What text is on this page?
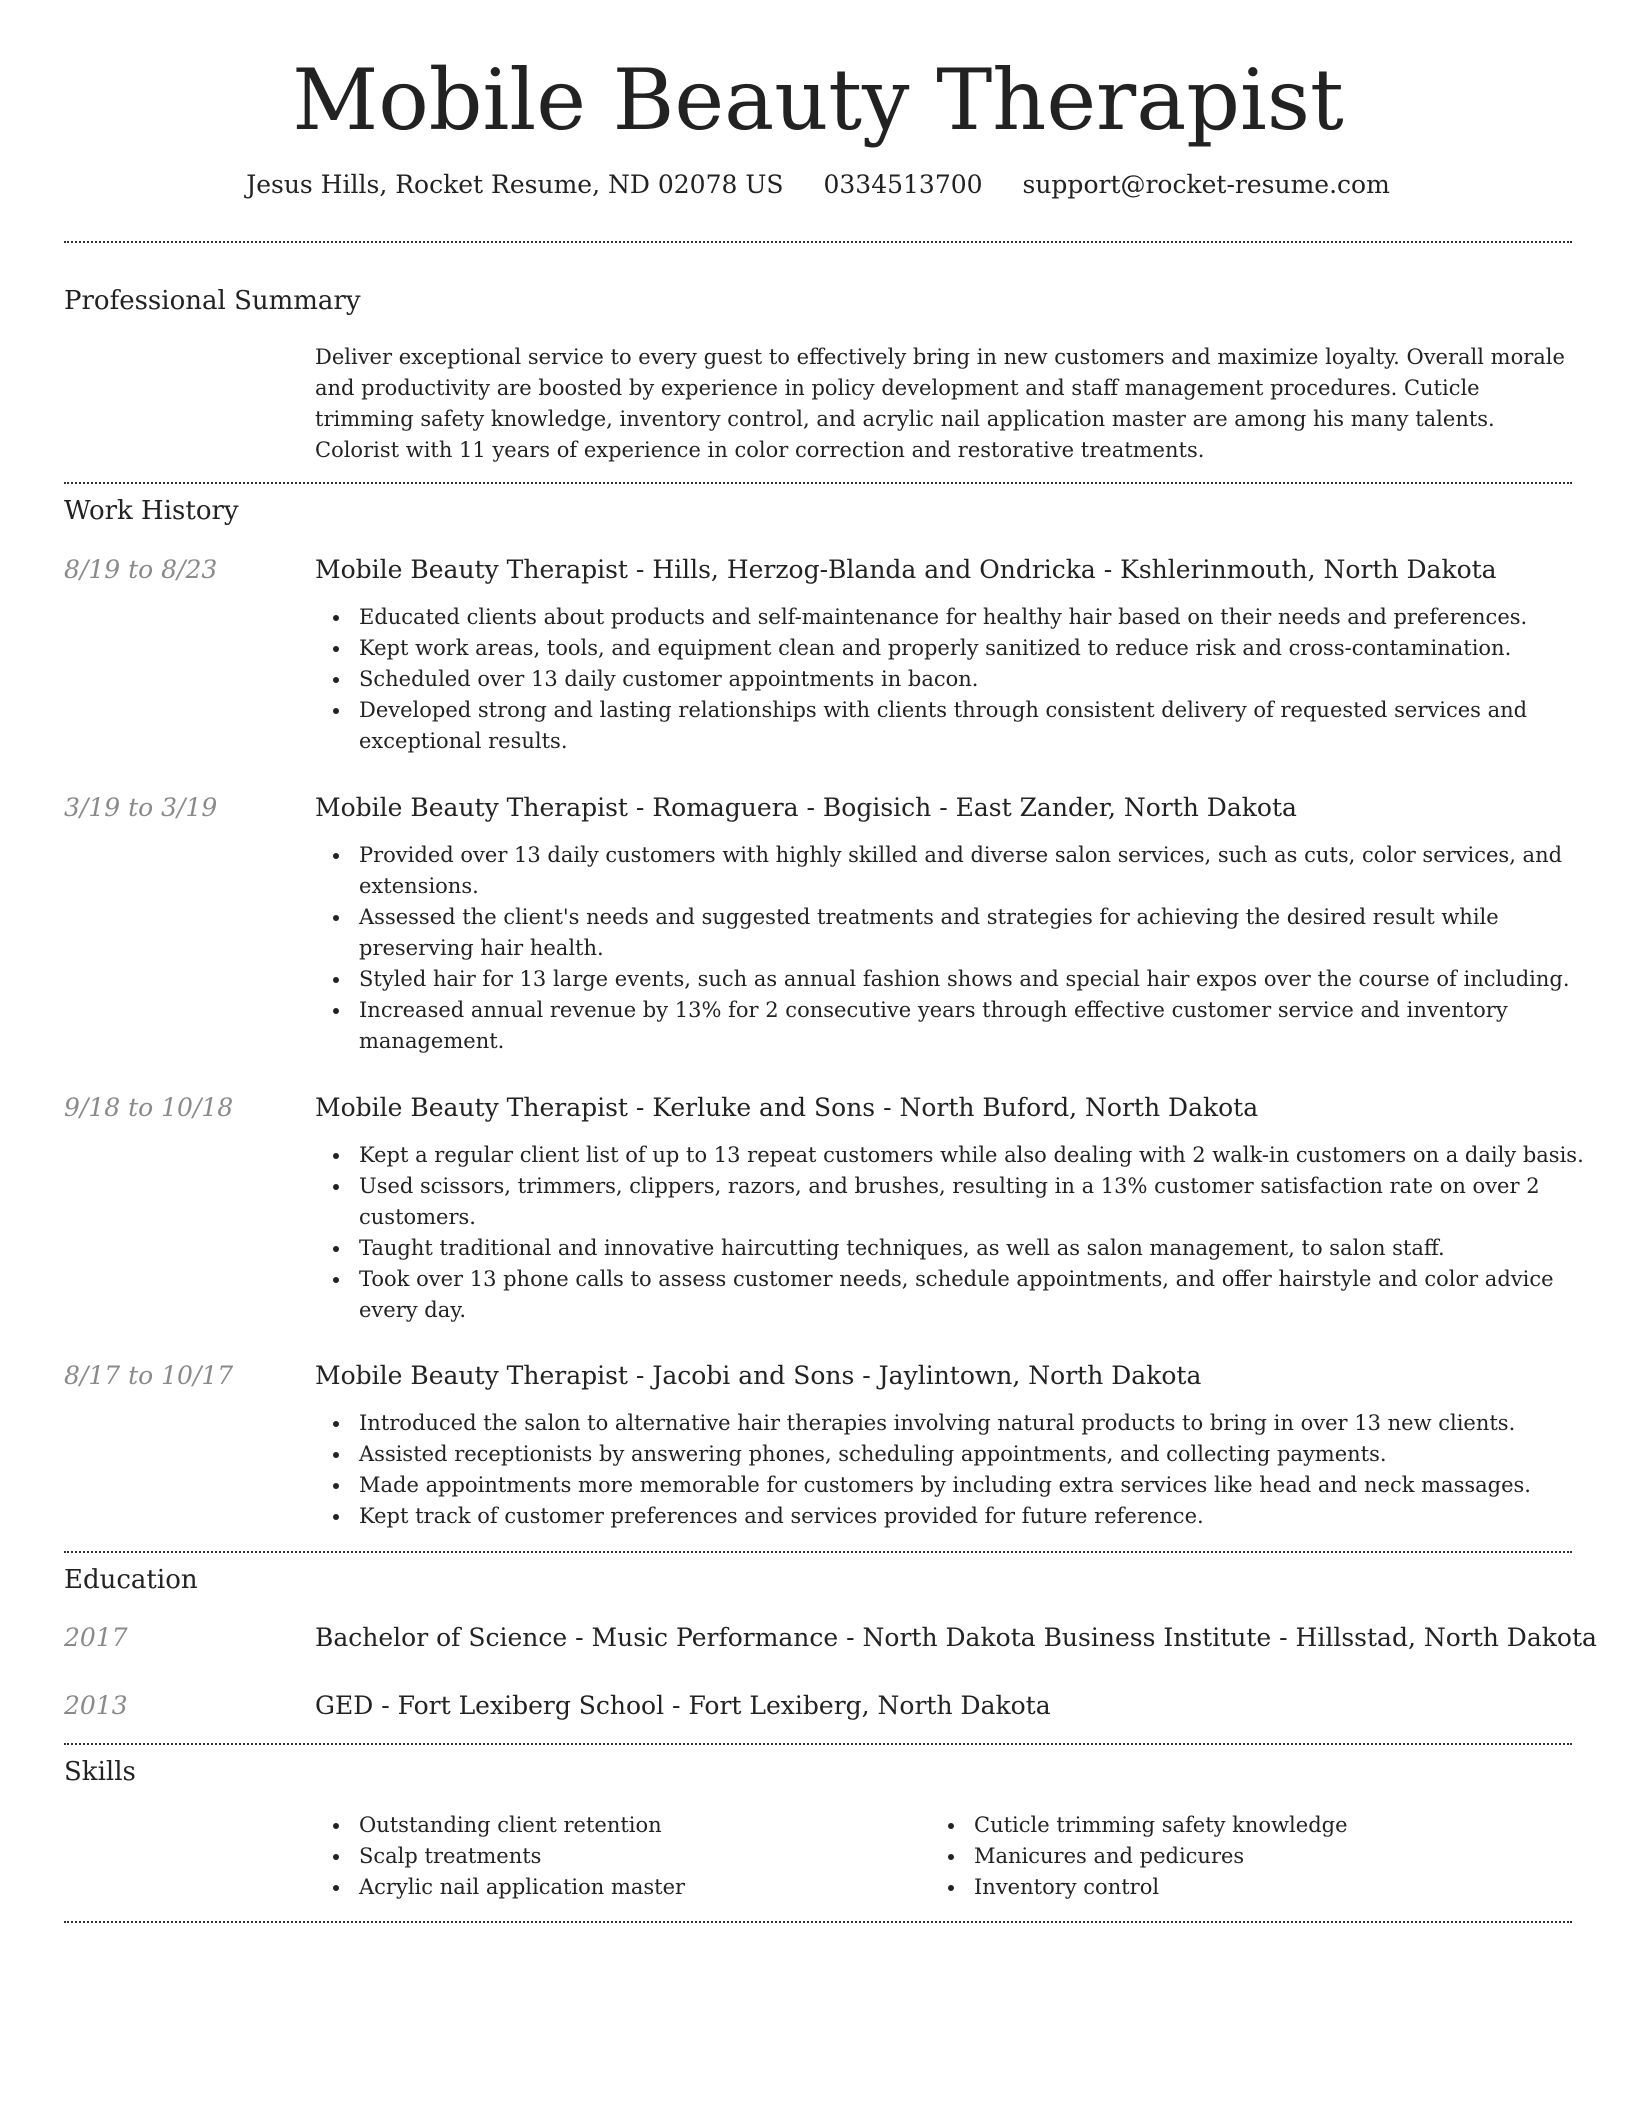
Mobile Beauty Therapist
Jesus Hills, Rocket Resume, ND 02078 US 0334513700 support@rocket-resume.com
Professional Summary

Deliver exceptional service to every guest to effectively bring in new customers and maximize loyalty. Overall morale and productivity are boosted by experience in policy development and staff management procedures. Cuticle trimming safety knowledge, inventory control, and acrylic nail application master are among his many talents. Colorist with 11 years of experience in color correction and restorative treatments.

Work History
8/19 to 8/23	Mobile Beauty Therapist - Hills, Herzog-Blanda and Ondricka - Kshlerinmouth, North Dakota
Educated clients about products and self-maintenance for healthy hair based on their needs and preferences.
Kept work areas, tools, and equipment clean and properly sanitized to reduce risk and cross-contamination.
Scheduled over 13 daily customer appointments in bacon.
Developed strong and lasting relationships with clients through consistent delivery of requested services and exceptional results.
3/19 to 3/19	Mobile Beauty Therapist - Romaguera - Bogisich - East Zander, North Dakota
Provided over 13 daily customers with highly skilled and diverse salon services, such as cuts, color services, and extensions.
Assessed the client's needs and suggested treatments and strategies for achieving the desired result while preserving hair health.
Styled hair for 13 large events, such as annual fashion shows and special hair expos over the course of including.
Increased annual revenue by 13% for 2 consecutive years through effective customer service and inventory management.
9/18 to 10/18	Mobile Beauty Therapist - Kerluke and Sons - North Buford, North Dakota
Kept a regular client list of up to 13 repeat customers while also dealing with 2 walk-in customers on a daily basis.
Used scissors, trimmers, clippers, razors, and brushes, resulting in a 13% customer satisfaction rate on over 2 customers.
Taught traditional and innovative haircutting techniques, as well as salon management, to salon staff.
Took over 13 phone calls to assess customer needs, schedule appointments, and offer hairstyle and color advice every day.
8/17 to 10/17	Mobile Beauty Therapist - Jacobi and Sons - Jaylintown, North Dakota
Introduced the salon to alternative hair therapies involving natural products to bring in over 13 new clients.
Assisted receptionists by answering phones, scheduling appointments, and collecting payments.
Made appointments more memorable for customers by including extra services like head and neck massages.
Kept track of customer preferences and services provided for future reference.
Education
2017	Bachelor of Science - Music Performance - North Dakota Business Institute - Hillsstad, North Dakota
2013	GED - Fort Lexiberg School - Fort Lexiberg, North Dakota
Skills
Outstanding client retention
Scalp treatments
Acrylic nail application master
Cuticle trimming safety knowledge
Manicures and pedicures
Inventory control
